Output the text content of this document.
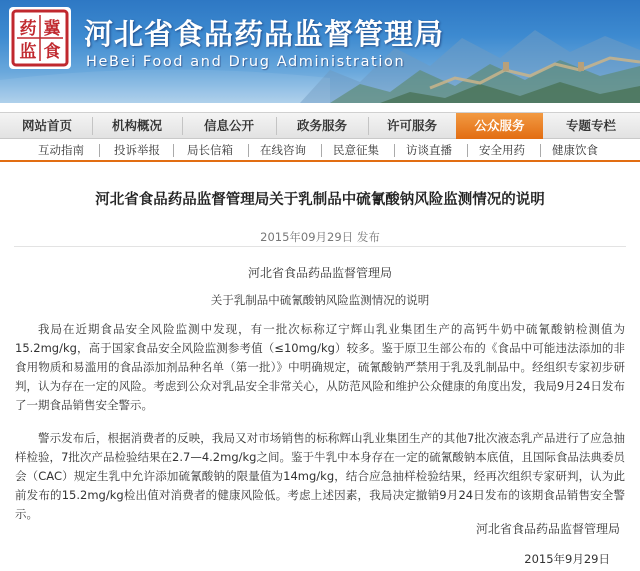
药
监
冀
食
河北省食品药品监督管理局
HeBei Food and Drug Administration
网站首页	机构概况	信息公开	政务服务	许可服务	公众服务	专题专栏
互动指南	投诉举报	局长信箱	在线咨询	民意征集	访谈直播	安全用药	健康饮食
河北省食品药品监督管理局关于乳制品中硫氰酸钠风险监测情况的说明
2015年09月29日 发布
河北省食品药品监督管理局
关于乳制品中硫氰酸钠风险监测情况的说明

我局在近期食品安全风险监测中发现，有一批次标称辽宁辉山乳业集团生产的高钙牛奶中硫氰酸钠检测值为15.2mg/kg，高于国家食品安全风险监测参考值（≤10mg/kg）较多。鉴于原卫生部公布的《食品中可能违法添加的非食用物质和易滥用的食品添加剂品种名单（第一批）》中明确规定，硫氰酸钠严禁用于乳及乳制品中。经组织专家初步研判，认为存在一定的风险。考虑到公众对乳品安全非常关心，从防范风险和维护公众健康的角度出发，我局9月24日发布了一期食品销售安全警示。

警示发布后，根据消费者的反映，我局又对市场销售的标称辉山乳业集团生产的其他7批次液态乳产品进行了应急抽样检验，7批次产品检验结果在2.7—4.2mg/kg之间。鉴于牛乳中本身存在一定的硫氰酸钠本底值，且国际食品法典委员会（CAC）规定生乳中允许添加硫氰酸钠的限量值为14mg/kg，结合应急抽样检验结果，经再次组织专家研判，认为此前发布的15.2mg/kg检出值对消费者的健康风险低。考虑上述因素，我局决定撤销9月24日发布的该期食品销售安全警示。

河北省食品药品监督管理局
2015年9月29日
